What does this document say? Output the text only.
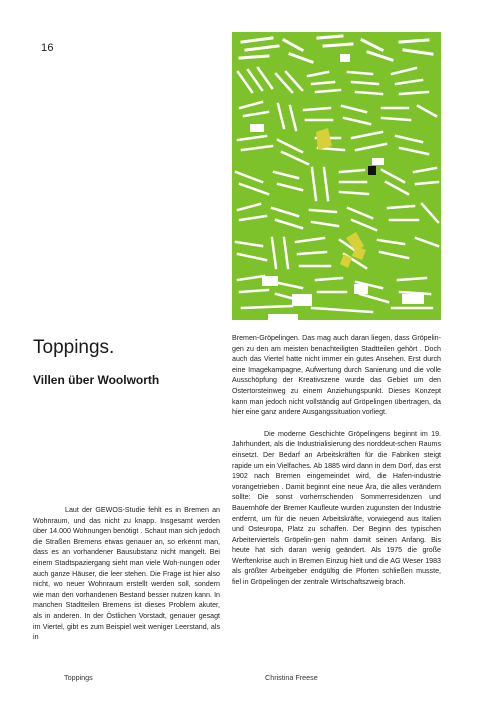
16
Toppings.
Villen über Woolworth

Laut der GEWOS-Studie fehlt es in Bremen an Wohnraum, und das nicht zu knapp. Insgesamt werden über 14.000 Wohnungen benötigt . Schaut man sich jedoch die Straßen Bremens etwas genauer an, so erkennt man, dass es an vorhandener Bausubstanz nicht mangelt. Bei einem Stadtspaziergang sieht man viele Woh-nungen oder auch ganze Häuser, die leer stehen. Die Frage ist hier also nicht, wo neuer Wohnraum erstellt werden soll, sondern wie man den vorhandenen Bestand besser nutzen kann. In manchen Stadtteilen Bremens ist dieses Problem akuter, als in anderen. In der Östlichen Vorstadt, genauer gesagt im Viertel, gibt es zum Beispiel weit weniger Leerstand, als in

Bremen-Gröpelingen. Das mag auch daran liegen, dass Gröpelin-gen zu den am meisten benachteiligten Stadtteilen gehört . Doch auch das Viertel hatte nicht immer ein gutes Ansehen. Erst durch eine Imagekampagne, Aufwertung durch Sanierung und die volle Ausschöpfung der Kreativszene wurde das Gebiet um den Ostertorsteinweg zu einem Anziehungspunkt. Dieses Konzept kann man jedoch nicht vollständig auf Gröpelingen übertragen, da hier eine ganz andere Ausgangssituation vorliegt.

Die moderne Geschichte Gröpelingens beginnt im 19. Jahrhundert, als die Industrialisierung des norddeut-schen Raums einsetzt. Der Bedarf an Arbeitskräften für die Fabriken steigt rapide um ein Vielfaches. Ab 1885 wird dann in dem Dorf, das erst 1902 nach Bremen eingemeindet wird, die Hafen-industrie vorangetrieben . Damit beginnt eine neue Ära, die alles verändern sollte: Die sonst vorherrschenden Sommerresidenzen und Bauernhöfe der Bremer Kaufleute wurden zugunsten der Industrie entfernt, um für die neuen Arbeitskräfte, vorwiegend aus Italien und Osteuropa, Platz zu schaffen. Der Beginn des typischen Arbeiterviertels Gröpelin-gen nahm damit seinen Anfang. Bis heute hat sich daran wenig geändert. Als 1975 die große Werftenkrise auch in Bremen Einzug hielt und die AG Weser 1983 als größter Arbeitgeber endgültig die Pforten schließen musste, fiel in Gröpelingen der zentrale Wirtschaftszweig brach.

Toppings	Christina Freese
